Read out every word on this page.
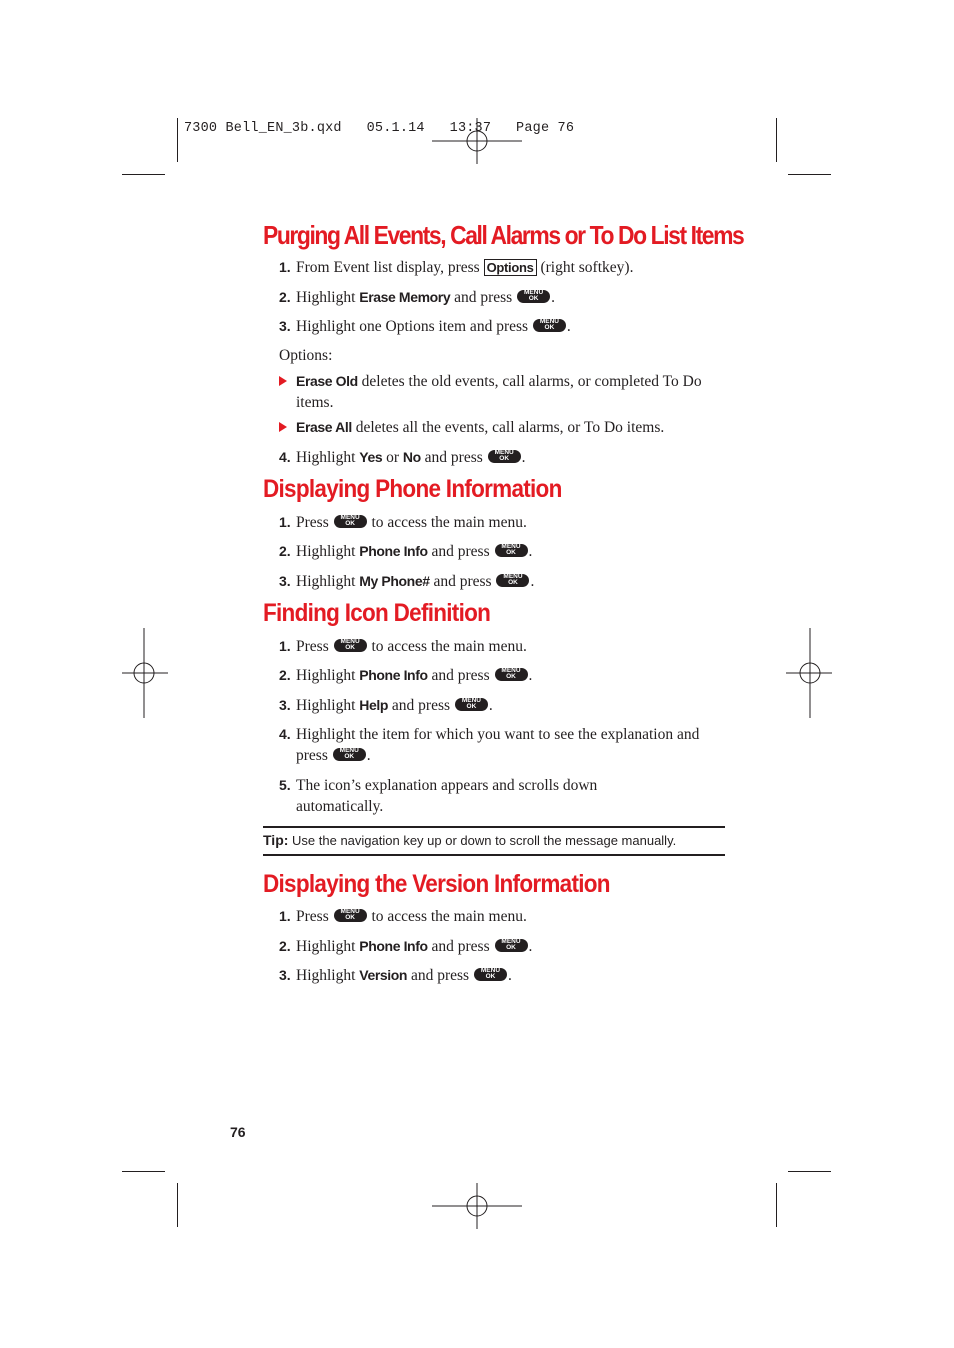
7300 Bell_EN_3b.qxd   05.1.14   13:37   Page 76
Purging All Events, Call Alarms or To Do List Items
1. From Event list display, press Options (right softkey).
2. Highlight Erase Memory and press	MENU
OK .
3. Highlight one Options item and press	MENU
OK .
Options:
Erase Old deletes the old events, call alarms, or completed To Do items.
Erase All deletes all the events, call alarms, or To Do items.
4. Highlight Yes or No and press	MENU
OK .
Displaying Phone Information
1. Press	MENU
OK	to access the main menu.
2. Highlight Phone Info and press	MENU
OK .
3. Highlight My Phone# and press	MENU
OK .
Finding Icon Definition
1. Press	MENU
OK	to access the main menu.
2. Highlight Phone Info and press	MENU
OK .
3. Highlight Help and press	MENU
OK .
4. Highlight the item for which you want to see the explanation and press	MENU
OK .
5. The icon’s explanation appears and scrolls down automatically.
Tip: Use the navigation key up or down to scroll the message manually.
Displaying the Version Information
1. Press	MENU
OK	to access the main menu.
2. Highlight Phone Info and press	MENU
OK .
3. Highlight Version and press	MENU
OK .
76
